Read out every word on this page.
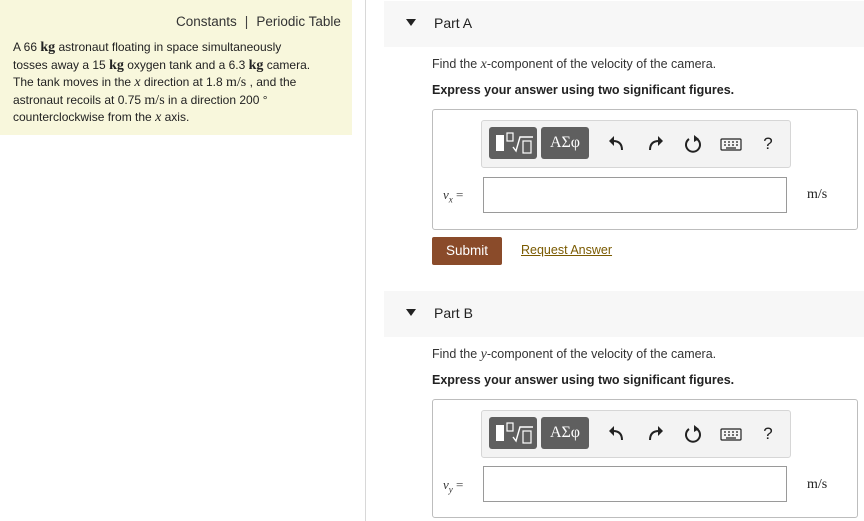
Constants | Periodic Table
A 66 kg astronaut floating in space simultaneously
tosses away a 15 kg oxygen tank and a 6.3 kg camera.
The tank moves in the x direction at 1.8 m/s , and the
astronaut recoils at 0.75 m/s in a direction 200 °
counterclockwise from the x axis.
Part A
Find the x-component of the velocity of the camera.
Express your answer using two significant figures.
ΑΣφ	?
$v_x$ =	m/s
Submit	Request Answer
Part B
Find the y-component of the velocity of the camera.
Express your answer using two significant figures.
ΑΣφ	?
$v_y$ =	m/s
